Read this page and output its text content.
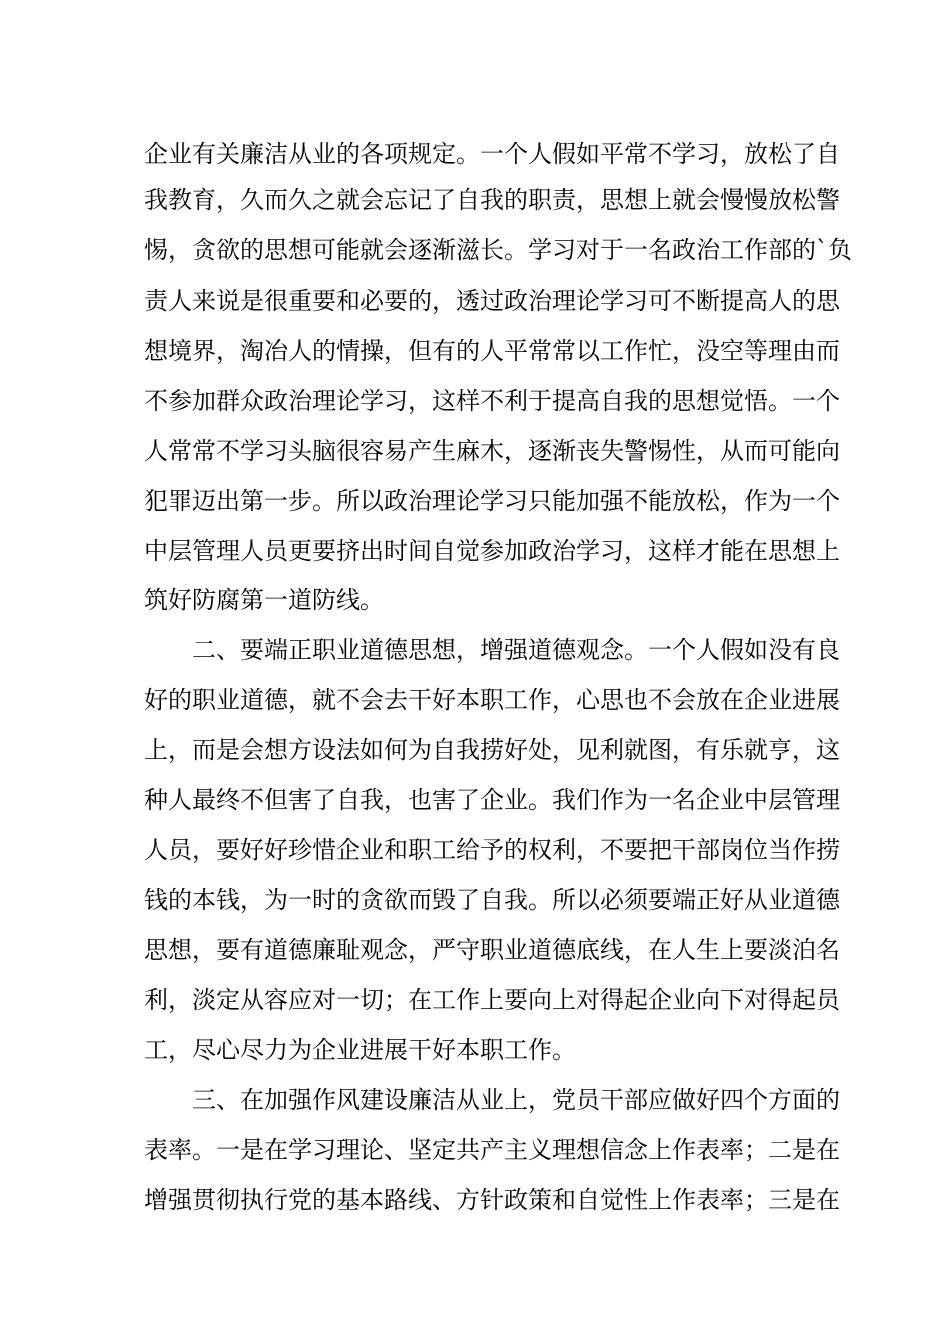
企业有关廉洁从业的各项规定。一个人假如平常不学习，放松了自
我教育，久而久之就会忘记了自我的职责，思想上就会慢慢放松警
惕，贪欲的思想可能就会逐渐滋长。学习对于一名政治工作部的`负
责人来说是很重要和必要的，透过政治理论学习可不断提高人的思
想境界，淘冶人的情操，但有的人平常常以工作忙，没空等理由而
不参加群众政治理论学习，这样不利于提高自我的思想觉悟。一个
人常常不学习头脑很容易产生麻木，逐渐丧失警惕性，从而可能向
犯罪迈出第一步。所以政治理论学习只能加强不能放松，作为一个
中层管理人员更要挤出时间自觉参加政治学习，这样才能在思想上
筑好防腐第一道防线。
二、要端正职业道德思想，增强道德观念。一个人假如没有良
好的职业道德，就不会去干好本职工作，心思也不会放在企业进展
上，而是会想方设法如何为自我捞好处，见利就图，有乐就亨，这
种人最终不但害了自我，也害了企业。我们作为一名企业中层管理
人员，要好好珍惜企业和职工给予的权利，不要把干部岗位当作捞
钱的本钱，为一时的贪欲而毁了自我。所以必须要端正好从业道德
思想，要有道德廉耻观念，严守职业道德底线，在人生上要淡泊名
利，淡定从容应对一切；在工作上要向上对得起企业向下对得起员
工，尽心尽力为企业进展干好本职工作。
三、在加强作风建设廉洁从业上，党员干部应做好四个方面的
表率。一是在学习理论、坚定共产主义理想信念上作表率；二是在
增强贯彻执行党的基本路线、方针政策和自觉性上作表率；三是在
